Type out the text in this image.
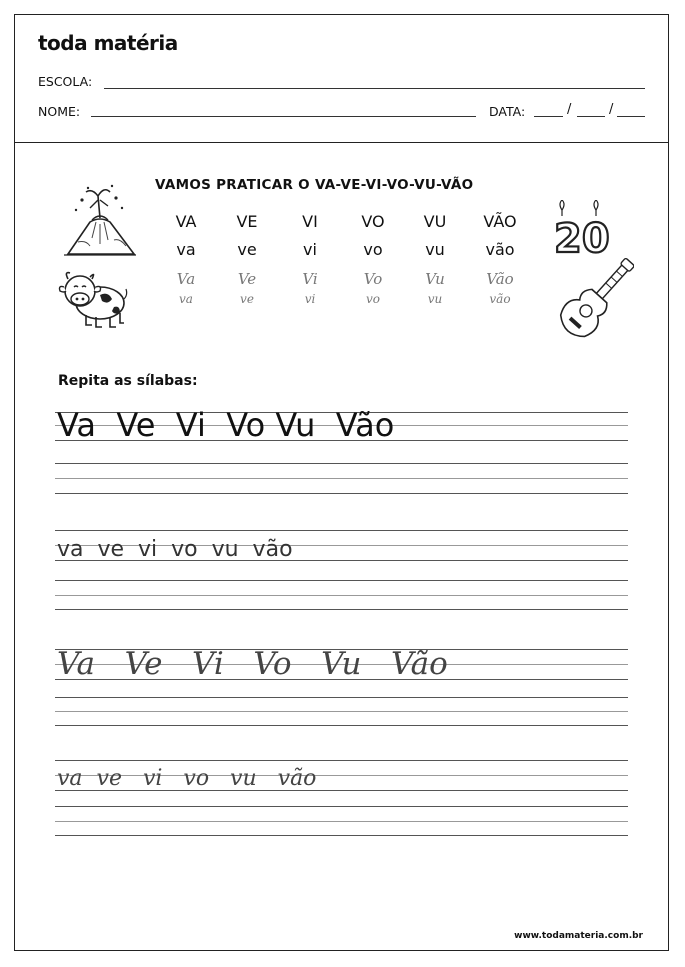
toda matéria
ESCOLA:
NOME:	DATA:	/	/
VAMOS PRATICAR O VA-VE-VI-VO-VU-VÃO
VA	VE	VI	VO	VU	VÃO
va	ve	vi	vo	vu	vão
Va	Ve	Vi	Vo	Vu	Vão
va	ve	vi	vo	vu	vão
20
Repita as sílabas:
Va  Ve  Vi  Vo Vu  Vão
va  ve  vi  vo  vu  vão
Va   Ve   Vi   Vo   Vu   Vão
va  ve   vi   vo   vu   vão
www.todamateria.com.br
